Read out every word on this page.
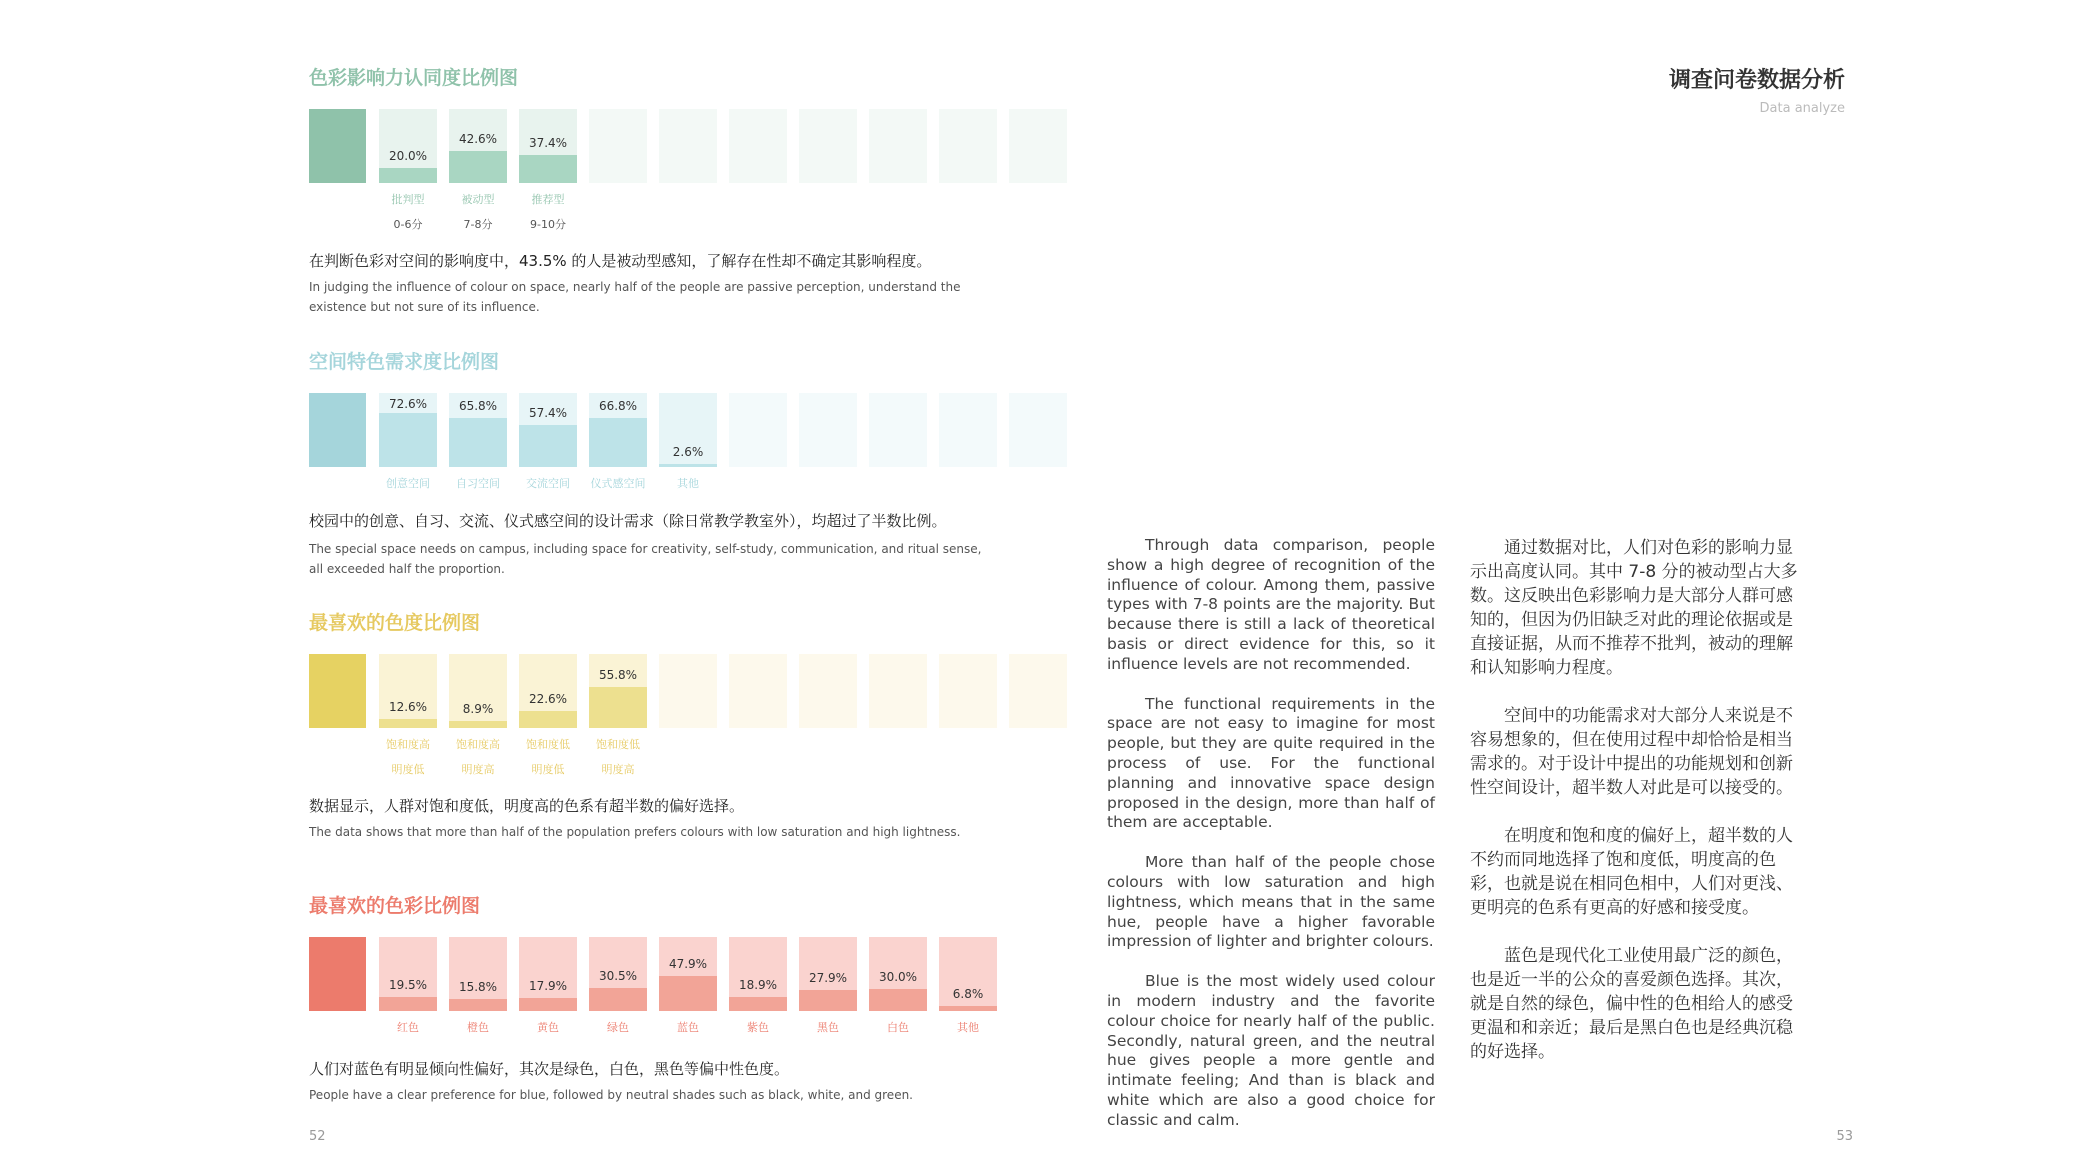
色彩影响力认同度比例图
20.0%
批判型
0-6分
42.6%
被动型
7-8分
37.4%
推荐型
9-10分

在判断色彩对空间的影响度中，43.5% 的人是被动型感知，了解存在性却不确定其影响程度。

In judging the influence of colour on space, nearly half of the people are passive perception, understand the existence but not sure of its influence.

空间特色需求度比例图
72.6%
创意空间
65.8%
自习空间
57.4%
交流空间
66.8%
仪式感空间
2.6%
其他

校园中的创意、自习、交流、仪式感空间的设计需求（除日常教学教室外），均超过了半数比例。

The special space needs on campus, including space for creativity, self-study, communication, and ritual sense, all exceeded half the proportion.

最喜欢的色度比例图
12.6%
饱和度高
明度低
8.9%
饱和度高
明度高
22.6%
饱和度低
明度低
55.8%
饱和度低
明度高

数据显示，人群对饱和度低，明度高的色系有超半数的偏好选择。

The data shows that more than half of the population prefers colours with low saturation and high lightness.

最喜欢的色彩比例图
19.5%
红色
15.8%
橙色
17.9%
黄色
30.5%
绿色
47.9%
蓝色
18.9%
紫色
27.9%
黑色
30.0%
白色
6.8%
其他

人们对蓝色有明显倾向性偏好，其次是绿色，白色，黑色等偏中性色度。

People have a clear preference for blue, followed by neutral shades such as black, white, and green.

52
调查问卷数据分析
Data analyze
53

Through data comparison, people show a high degree of recognition of the influence of colour. Among them, passive types with 7-8 points are the majority. But because there is still a lack of theoretical basis or direct evidence for this, so it influence levels are not recommended.

The functional requirements in the space are not easy to imagine for most people, but they are quite required in the process of use. For the functional planning and innovative space design proposed in the design, more than half of them are acceptable.

More than half of the people chose colours with low saturation and high lightness, which means that in the same hue, people have a higher favorable impression of lighter and brighter colours.

Blue is the most widely used colour in modern industry and the favorite colour choice for nearly half of the public. Secondly, natural green, and the neutral hue gives people a more gentle and intimate feeling; And than is black and white which are also a good choice for classic and calm.

通过数据对比，人们对色彩的影响力显示出高度认同。其中 7-8 分的被动型占大多数。这反映出色彩影响力是大部分人群可感知的，但因为仍旧缺乏对此的理论依据或是直接证据，从而不推荐不批判，被动的理解和认知影响力程度。

空间中的功能需求对大部分人来说是不容易想象的，但在使用过程中却恰恰是相当需求的。对于设计中提出的功能规划和创新性空间设计，超半数人对此是可以接受的。

在明度和饱和度的偏好上，超半数的人不约而同地选择了饱和度低，明度高的色彩，也就是说在相同色相中，人们对更浅、更明亮的色系有更高的好感和接受度。

蓝色是现代化工业使用最广泛的颜色，也是近一半的公众的喜爱颜色选择。其次，就是自然的绿色，偏中性的色相给人的感受更温和和亲近；最后是黑白色也是经典沉稳的好选择。
